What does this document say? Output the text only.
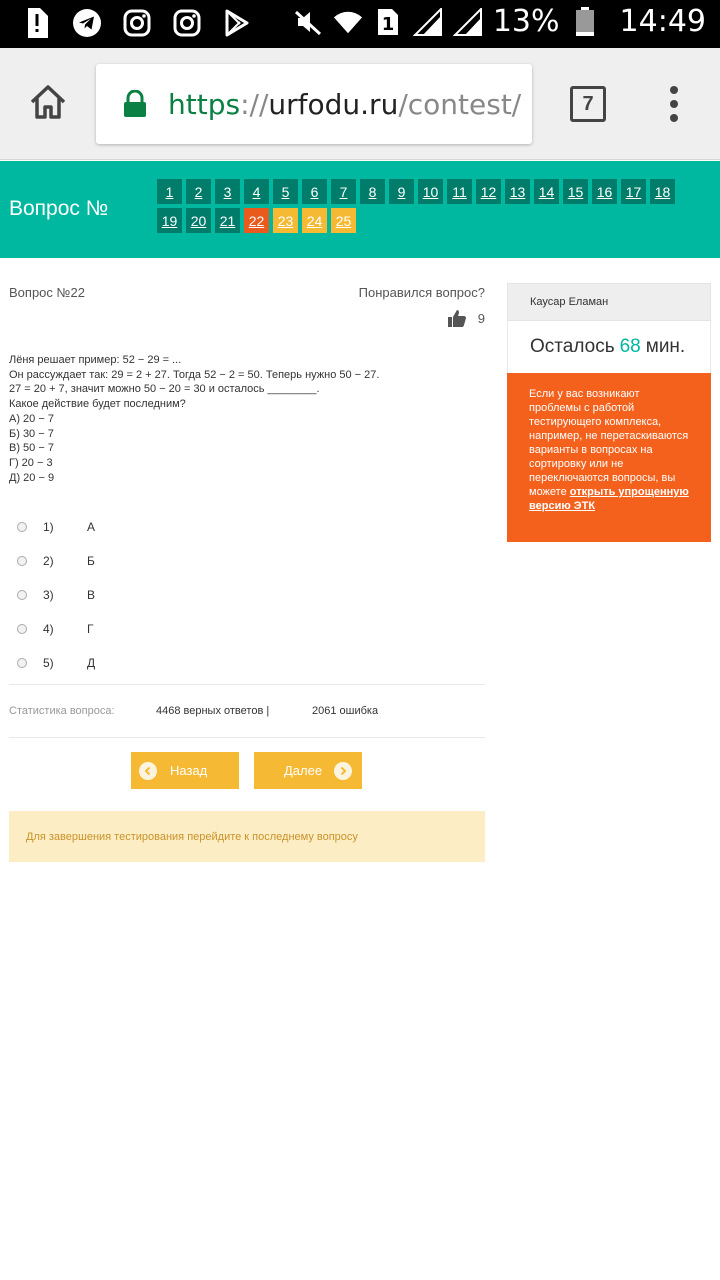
1	13% 14:49
https://urfodu.ru/contest/	7
Вопрос №
1	2	3	4	5	6	7	8	9	10 11 12 13 14 15 16 17 18
19 20 21 22 23 24 25
Вопрос №22	Понравился вопрос?
9
Лёня решает пример: 52 − 29 = ...
Он рассуждает так: 29 = 2 + 27. Тогда 52 − 2 = 50. Теперь нужно 50 − 27.
27 = 20 + 7, значит можно 50 − 20 = 30 и осталось ________.
Какое действие будет последним?
А) 20 − 7
Б) 30 − 7
В) 50 − 7
Г) 20 − 3
Д) 20 − 9
1)	А
2)	Б
3)	В
4)	Г
5)	Д
Статистика вопроса:	4468 верных ответов |	2061 ошибка
Назад	Далее
Для завершения тестирования перейдите к последнему вопросу
Каусар Еламан
Осталось 68 мин.
Если у вас возникают проблемы с работой тестирующего комплекса, например, не перетаскиваются варианты в вопросах на сортировку или не переключаются вопросы, вы можете открыть упрощенную версию ЭТК
